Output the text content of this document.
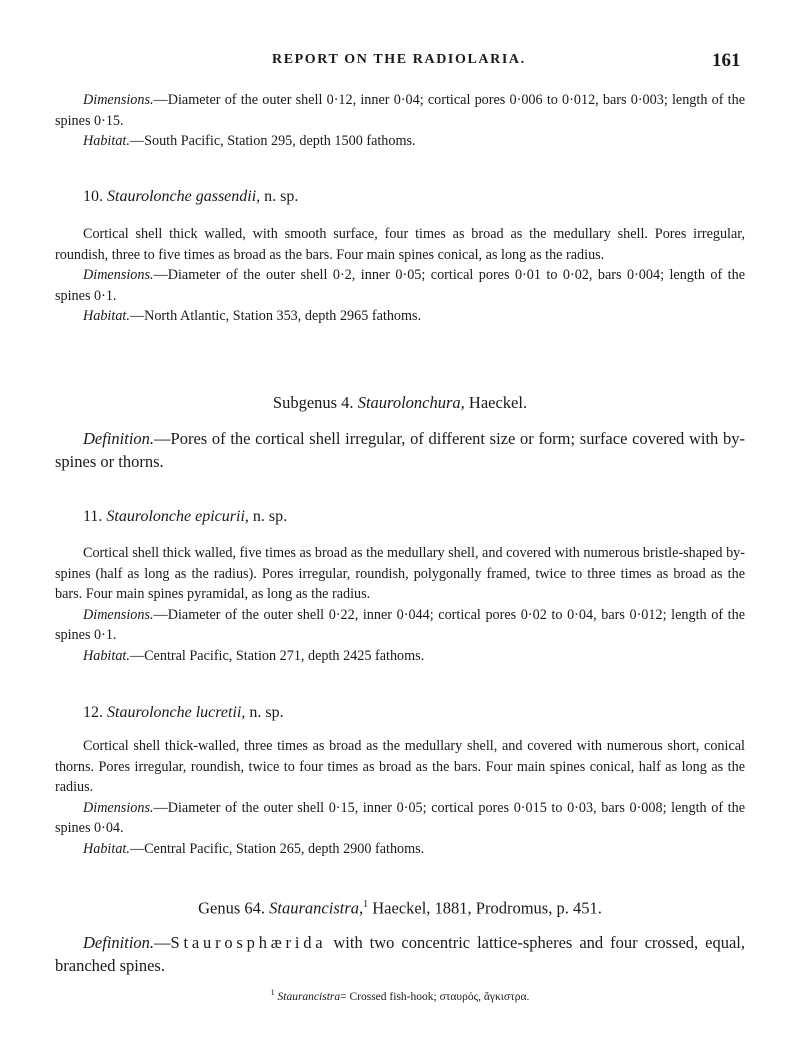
REPORT ON THE RADIOLARIA.	161

Dimensions.—Diameter of the outer shell 0·12, inner 0·04; cortical pores 0·006 to 0·012, bars 0·003; length of the spines 0·15.

Habitat.—South Pacific, Station 295, depth 1500 fathoms.

10. Staurolonche gassendii, n. sp.

Cortical shell thick walled, with smooth surface, four times as broad as the medullary shell. Pores irregular, roundish, three to five times as broad as the bars. Four main spines conical, as long as the radius.

Dimensions.—Diameter of the outer shell 0·2, inner 0·05; cortical pores 0·01 to 0·02, bars 0·004; length of the spines 0·1.

Habitat.—North Atlantic, Station 353, depth 2965 fathoms.

Subgenus 4. Staurolonchura, Haeckel.

Definition.—Pores of the cortical shell irregular, of different size or form; surface covered with by-spines or thorns.

11. Staurolonche epicurii, n. sp.

Cortical shell thick walled, five times as broad as the medullary shell, and covered with numerous bristle-shaped by-spines (half as long as the radius). Pores irregular, roundish, polygonally framed, twice to three times as broad as the bars. Four main spines pyramidal, as long as the radius.

Dimensions.—Diameter of the outer shell 0·22, inner 0·044; cortical pores 0·02 to 0·04, bars 0·012; length of the spines 0·1.

Habitat.—Central Pacific, Station 271, depth 2425 fathoms.

12. Staurolonche lucretii, n. sp.

Cortical shell thick-walled, three times as broad as the medullary shell, and covered with numerous short, conical thorns. Pores irregular, roundish, twice to four times as broad as the bars. Four main spines conical, half as long as the radius.

Dimensions.—Diameter of the outer shell 0·15, inner 0·05; cortical pores 0·015 to 0·03, bars 0·008; length of the spines 0·04.

Habitat.—Central Pacific, Station 265, depth 2900 fathoms.

Genus 64. Staurancistra,$^1$ Haeckel, 1881, Prodromus, p. 451.

Definition.—Staurosphærida with two concentric lattice-spheres and four crossed, equal, branched spines.

$^1$ Staurancistra= Crossed fish-hook; σταυρός, ἄγκιστρα.
